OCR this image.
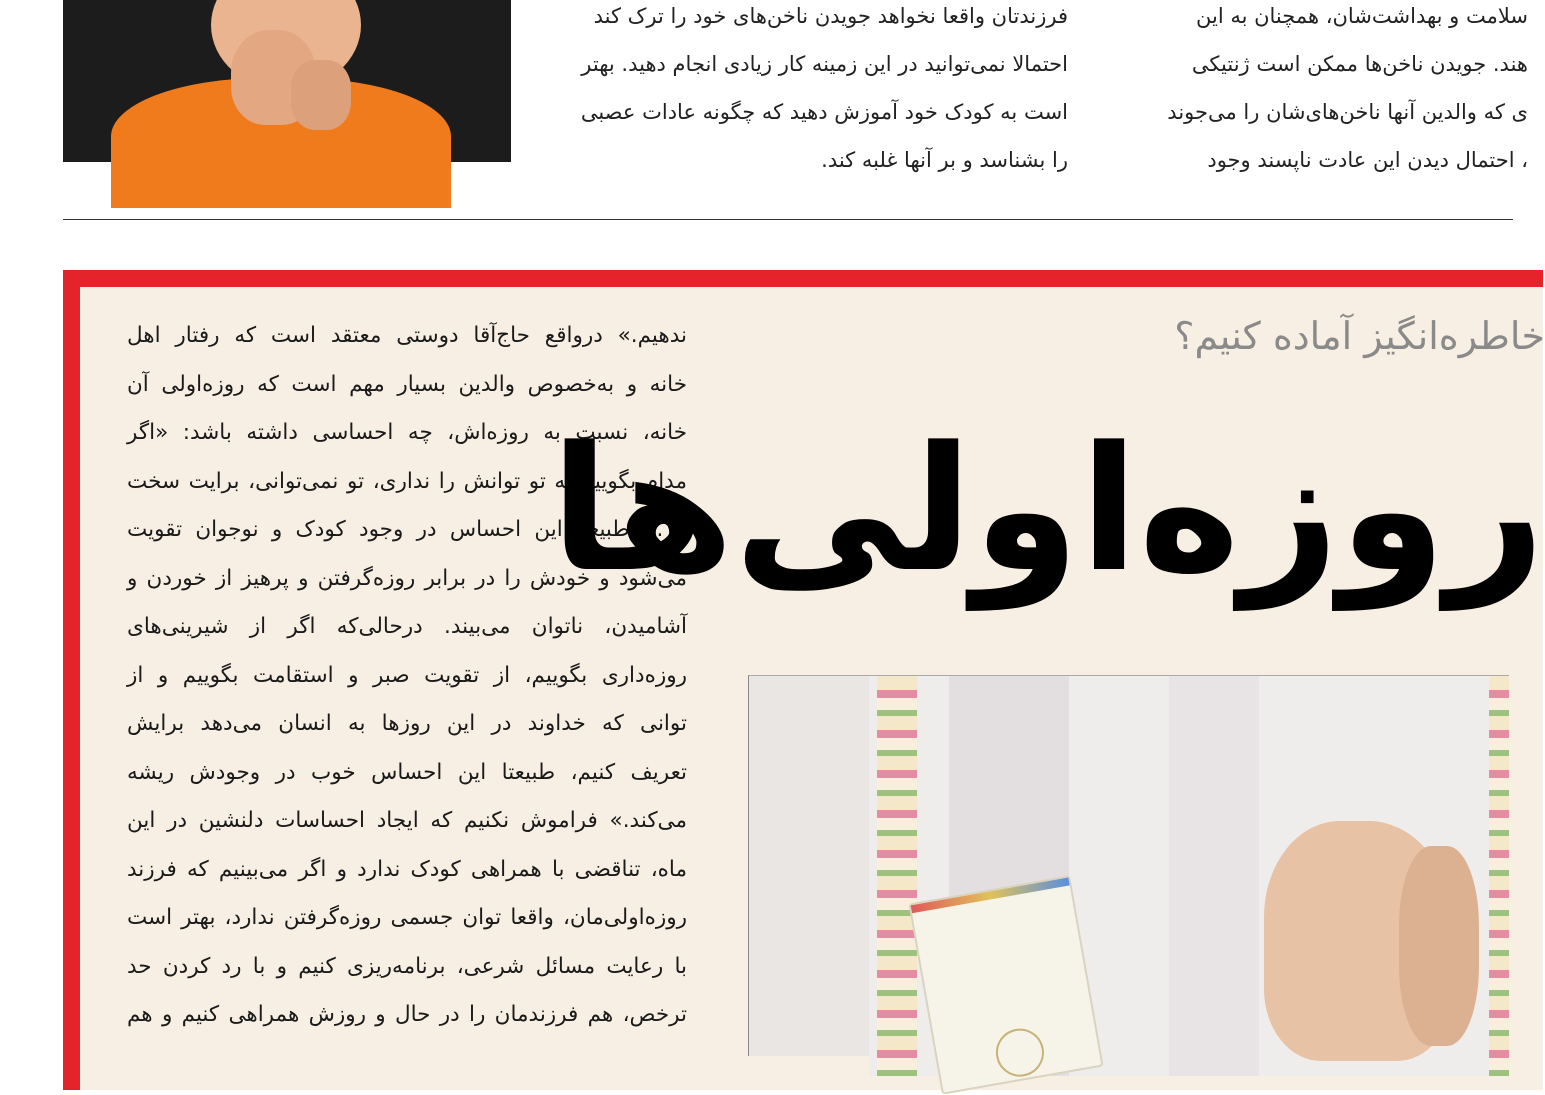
فرزندتان واقعا نخواهد جویدن ناخن‌های خود را ترک کند
احتمالا نمی‌توانید در این زمینه کار زیادی انجام دهید. بهتر
است به کودک خود آموزش دهید که چگونه عادات عصبی
را بشناسد و بر آنها غلبه کند.
سلامت و بهداشت‌شان، همچنان به این
هند. جویدن ناخن‌ها ممکن است ژنتیکی
ی که والدین آنها ناخن‌های‌شان را می‌جوند
، احتمال دیدن این عادت ناپسند وجود
ندهیم.» درواقع حاج‌آقا دوستی معتقد است که رفتار اهل
خانه و به‌خصوص والدین بسیار مهم است که روزه‌اولی آن
خانه، نسبت به روزه‌اش، چه احساسی داشته باشد: «اگر
مدام بگوییم نه تو توانش را نداری، تو نمی‌توانی، برایت سخت
و ... طبیعتا این احساس در وجود کودک و نوجوان تقویت
می‌شود و خودش را در برابر روزه‌گرفتن و پرهیز از خوردن و
آشامیدن، ناتوان می‌بیند. درحالی‌که اگر از شیرینی‌های
روزه‌داری بگوییم، از تقویت صبر و استقامت بگوییم و از
توانی که خداوند در این روزها به انسان می‌دهد برایش
تعریف کنیم، طبیعتا این احساس خوب در وجودش ریشه
می‌کند.» فراموش نکنیم که ایجاد احساسات دلنشین در این
ماه، تناقضی با همراهی کودک ندارد و اگر می‌بینیم که فرزند
روزه‌اولی‌مان، واقعا توان جسمی روزه‌گرفتن ندارد، بهتر است
با رعایت مسائل شرعی، برنامه‌ریزی کنیم و با رد کردن حد
ترخص، هم فرزندمان را در حال و روزش همراهی کنیم و هم
خاطره‌انگیز آماده کنیم؟
روزه‌اولی‌ها
